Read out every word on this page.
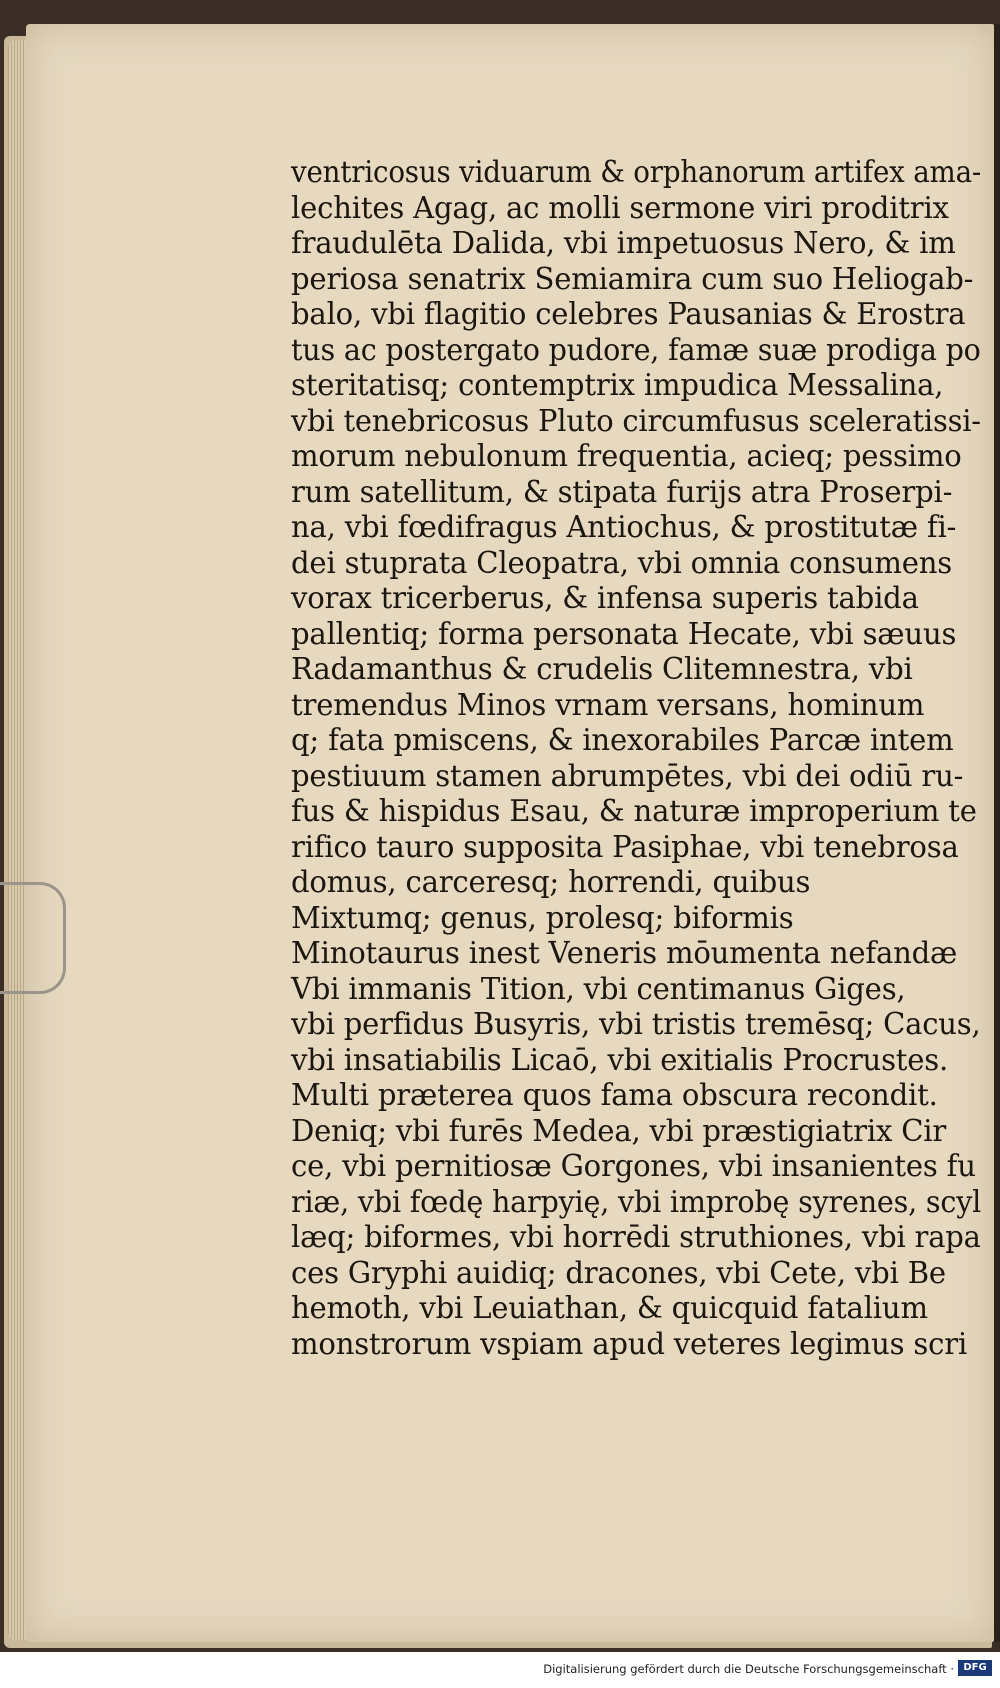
ventricosus viduarum & orphanorum artifex ama-
lechites Agag, ac molli sermone viri proditrix
fraudulēta Dalida, vbi impetuosus Nero, & im
periosa senatrix Semiamira cum suo Heliogab-
balo, vbi flagitio celebres Pausanias & Erostra
tus ac postergato pudore, famæ suæ prodiga po
steritatisq; contemptrix impudica Messalina,
vbi tenebricosus Pluto circumfusus sceleratissi-
morum nebulonum frequentia, acieq; pessimo
rum satellitum, & stipata furijs atra Proserpi-
na, vbi fœdifragus Antiochus, & prostitutæ fi-
dei stuprata Cleopatra, vbi omnia consumens
vorax tricerberus, & infensa superis tabida
pallentiq; forma personata Hecate, vbi sæuus
Radamanthus & crudelis Clitemnestra, vbi
tremendus Minos vrnam versans, hominum
q; fata pmiscens, & inexorabiles Parcæ intem
pestiuum stamen abrumpētes, vbi dei odiū ru-
fus & hispidus Esau, & naturæ improperium te
rifico tauro supposita Pasiphae, vbi tenebrosa
domus, carceresq; horrendi, quibus
Mixtumq; genus, prolesq; biformis
Minotaurus inest Veneris mōumenta nefandæ
Vbi immanis Tition, vbi centimanus Giges,
vbi perfidus Busyris, vbi tristis tremēsq; Cacus,
vbi insatiabilis Licaō, vbi exitialis Procrustes.
Multi præterea quos fama obscura recondit.
Deniq; vbi furēs Medea, vbi præstigiatrix Cir
ce, vbi pernitiosæ Gorgones, vbi insanientes fu
riæ, vbi fœdę harpyię, vbi improbę syrenes, scyl
læq; biformes, vbi horrēdi struthiones, vbi rapa
ces Gryphi auidiq; dracones, vbi Cete, vbi Be
hemoth, vbi Leuiathan, & quicquid fatalium
monstrorum vspiam apud veteres legimus scri
Digitalisierung gefördert durch die Deutsche Forschungsgemeinschaft · DFG
